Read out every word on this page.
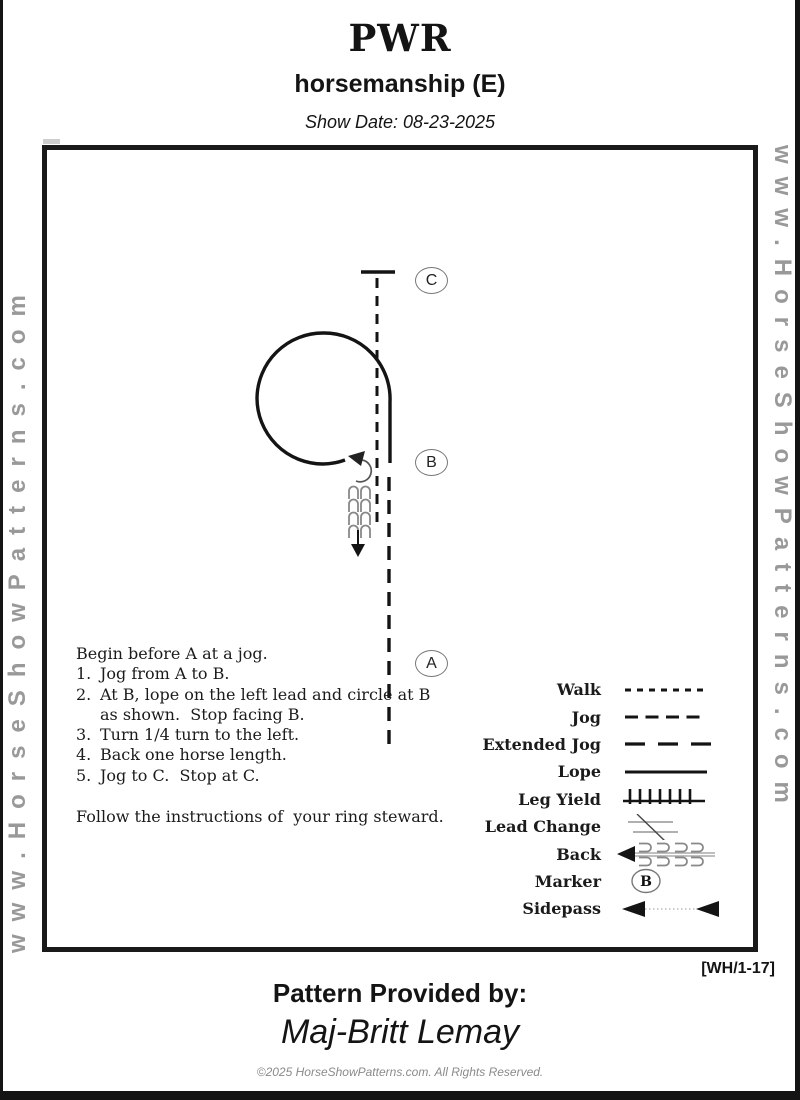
PWR
horsemanship (E)
Show Date: 08-23-2025
www.HorseShowPatterns.com	www.HorseShowPatterns.com
C
B
A
Begin before A at a jog.
1. Jog from A to B.
2. At B, lope on the left lead and circle at B as shown.  Stop facing B.
3. Turn 1/4 turn to the left.
4. Back one horse length.
5. Jog to C.  Stop at C.
Follow the instructions of  your ring steward.
Walk
Jog
Extended Jog
Lope
Leg Yield
Lead Change
Back
Marker	B
Sidepass
[WH/1-17]
Pattern Provided by:
Maj-Britt Lemay
©2025 HorseShowPatterns.com. All Rights Reserved.
